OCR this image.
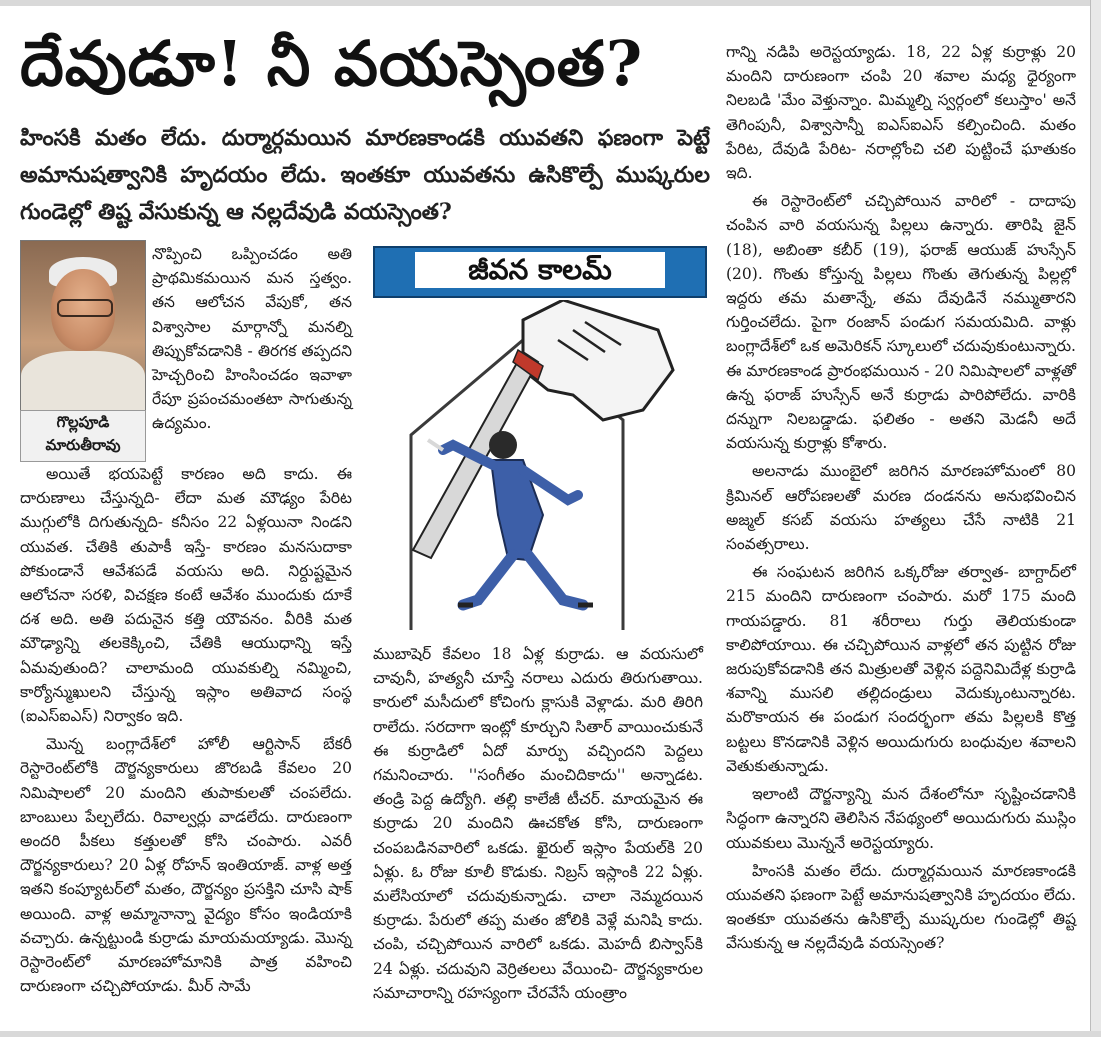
దేవుడూ! నీ వయస్సెంత?
హింసకి మతం లేదు. దుర్మార్గమయిన మారణకాండకి యువతని ఫణంగా పెట్టే అమానుషత్వానికి హృదయం లేదు. ఇంతకూ యువతను ఉసికొల్పే ముష్కరుల గుండెల్లో తిష్ట వేసుకున్న ఆ నల్లదేవుడి వయస్సెంత?
గొల్లపూడి
మారుతీరావు

నొప్పించి ఒప్పించడం అతి ప్రాథమికమయిన మన స్తత్వం. తన ఆలోచన వేపుకో, తన విశ్వాసాల మార్గాన్నో మనల్ని తిప్పుకోవడానికి - తిరగక తప్పదని హెచ్చరించి హింసించడం ఇవాళా రేపూ ప్రపంచమంతటా సాగుతున్న ఉద్యమం.

అయితే భయపెట్టే కారణం అది కాదు. ఈ దారుణాలు చేస్తున్నది- లేదా మత మౌఢ్యం పేరిట ముగ్గులోకి దిగుతున్నది- కనీసం 22 ఏళ్లయినా నిండని యువత. చేతికి తుపాకీ ఇస్తే- కారణం మనసుదాకా పోకుండానే ఆవేశపడే వయసు అది. నిర్దుష్టమైన ఆలోచనా సరళి, విచక్షణ కంటే ఆవేశం ముందుకు దూకే దశ అది. అతి పదునైన కత్తి యౌవనం. వీరికి మత మౌఢ్యాన్ని తలకెక్కించి, చేతికి ఆయుధాన్ని ఇస్తే ఏమవుతుంది? చాలామంది యువకుల్ని నమ్మించి, కార్యోన్ముఖులని చేస్తున్న ఇస్లాం అతివాద సంస్థ (ఐఎస్ఐఎస్) నిర్వాకం ఇది.

మొన్న బంగ్లాదేశ్‌లో హోలీ ఆర్టిసాన్ బేకరీ రెస్టారెంట్‌లోకి దౌర్జన్యకారులు జొరబడి కేవలం 20 నిమిషాలలో 20 మందిని తుపాకులతో చంపలేదు. బాంబులు పేల్చలేదు. రివాల్వర్లు వాడలేదు. దారుణంగా అందరి పీకలు కత్తులతో కోసి చంపారు. ఎవరీ దౌర్జన్యకారులు? 20 ఏళ్ల రోహన్ ఇంతియాజ్. వాళ్ల అత్త ఇతని కంప్యూటర్‌లో మతం, దౌర్జన్యం ప్రసక్తిని చూసి షాక్ అయింది. వాళ్ల అమ్మానాన్నా వైద్యం కోసం ఇండియాకి వచ్చారు. ఉన్నట్టుండి కుర్రాడు మాయమయ్యాడు. మొన్న రెస్టారెంట్‌లో మారణహోమానికి పాత్ర వహించి దారుణంగా చచ్చిపోయాడు. మీర్ సామే

జీవన కాలమ్

ముబాషెర్ కేవలం 18 ఏళ్ల కుర్రాడు. ఆ వయసులో చావునీ, హత్యనీ చూస్తే నరాలు ఎదురు తిరుగుతాయి. కారులో మసీదులో కోచింగు క్లాసుకి వెళ్లాడు. మరి తిరిగి రాలేదు. సరదాగా ఇంట్లో కూర్చుని సితార్ వాయించుకునే ఈ కుర్రాడిలో ఏదో మార్పు వచ్చిందని పెద్దలు గమనించారు. ''సంగీతం మంచిదికాదు'' అన్నాడట. తండ్రి పెద్ద ఉద్యోగి. తల్లి కాలేజీ టీచర్. మాయమైన ఈ కుర్రాడు 20 మందిని ఊచకోత కోసి, దారుణంగా చంపబడినవారిలో ఒకడు. ఖైరుల్ ఇస్లాం పేయల్‌కి 20 ఏళ్లు. ఓ రోజు కూలీ కొడుకు. నిబ్రస్ ఇస్లాంకి 22 ఏళ్లు. మలేసియాలో చదువుకున్నాడు. చాలా నెమ్మదయిన కుర్రాడు. పేరులో తప్ప మతం జోలికి వెళ్లే మనిషి కాదు. చంపి, చచ్చిపోయిన వారిలో ఒకడు. మెహదీ బిస్వాస్‌కి 24 ఏళ్లు. చదువుని వెర్రితలలు వేయించి- దౌర్జన్యకారుల సమాచారాన్ని రహస్యంగా చేరవేసే యంత్రాం

గాన్ని నడిపి అరెస్టయ్యాడు. 18, 22 ఏళ్ల కుర్రాళ్లు 20 మందిని దారుణంగా చంపి 20 శవాల మధ్య ధైర్యంగా నిలబడి 'మేం వెళ్తున్నాం. మిమ్మల్ని స్వర్గంలో కలుస్తాం' అనే తెగింపునీ, విశ్వాసాన్నీ ఐఎస్ఐఎస్ కల్పించింది. మతం పేరిట, దేవుడి పేరిట- నరాల్లోంచి చలి పుట్టించే ఘాతుకం ఇది.

ఈ రెస్టారెంట్‌లో చచ్చిపోయిన వారిలో - దాదాపు చంపిన వారి వయసున్న పిల్లలు ఉన్నారు. తారిషి జైన్ (18), అబింతా కబీర్ (19), ఫరాజ్ ఆయుజ్ హుస్సేన్ (20). గొంతు కోస్తున్న పిల్లలు గొంతు తెగుతున్న పిల్లల్లో ఇద్దరు తమ మతాన్నే, తమ దేవుడినే నమ్ముతారని గుర్తించలేదు. పైగా రంజాన్ పండుగ సమయమిది. వాళ్లు బంగ్లాదేశ్‌లో ఒక అమెరికన్ స్కూలులో చదువుకుంటున్నారు. ఈ మారణకాండ ప్రారంభమయిన - 20 నిమిషాలలో వాళ్లతో ఉన్న ఫరాజ్ హుస్సేన్ అనే కుర్రాడు పారిపోలేదు. వారికి దన్నుగా నిలబడ్డాడు. ఫలితం - అతని మెడనీ అదే వయసున్న కుర్రాళ్లు కోశారు.

అలనాడు ముంబైలో జరిగిన మారణహోమంలో 80 క్రిమినల్ ఆరోపణలతో మరణ దండనను అనుభవించిన అజ్మల్ కసబ్ వయసు హత్యలు చేసే నాటికి 21 సంవత్సరాలు.

ఈ సంఘటన జరిగిన ఒక్కరోజు తర్వాత- బాగ్దాద్‌లో 215 మందిని దారుణంగా చంపారు. మరో 175 మంది గాయపడ్డారు. 81 శరీరాలు గుర్తు తెలియకుండా కాలిపోయాయి. ఈ చచ్చిపోయిన వాళ్లలో తన పుట్టిన రోజు జరుపుకోవడానికి తన మిత్రులతో వెళ్లిన పద్దెనిమిదేళ్ల కుర్రాడి శవాన్ని ముసలి తల్లిదండ్రులు వెదుక్కుంటున్నారట. మరొకాయన ఈ పండుగ సందర్భంగా తమ పిల్లలకి కొత్త బట్టలు కొనడానికి వెళ్లిన అయిదుగురు బంధువుల శవాలని వెతుకుతున్నాడు.

ఇలాంటి దౌర్జన్యాన్ని మన దేశంలోనూ సృష్టించడానికి సిద్ధంగా ఉన్నారని తెలిసిన నేపథ్యంలో అయిదుగురు ముస్లిం యువకులు మొన్ననే అరెస్టయ్యారు.

హింసకి మతం లేదు. దుర్మార్గమయిన మారణకాండకి యువతని ఫణంగా పెట్టే అమానుషత్వానికి హృదయం లేదు. ఇంతకూ యువతను ఉసికొల్పే ముష్కరుల గుండెల్లో తిష్ట వేసుకున్న ఆ నల్లదేవుడి వయస్సెంత?
